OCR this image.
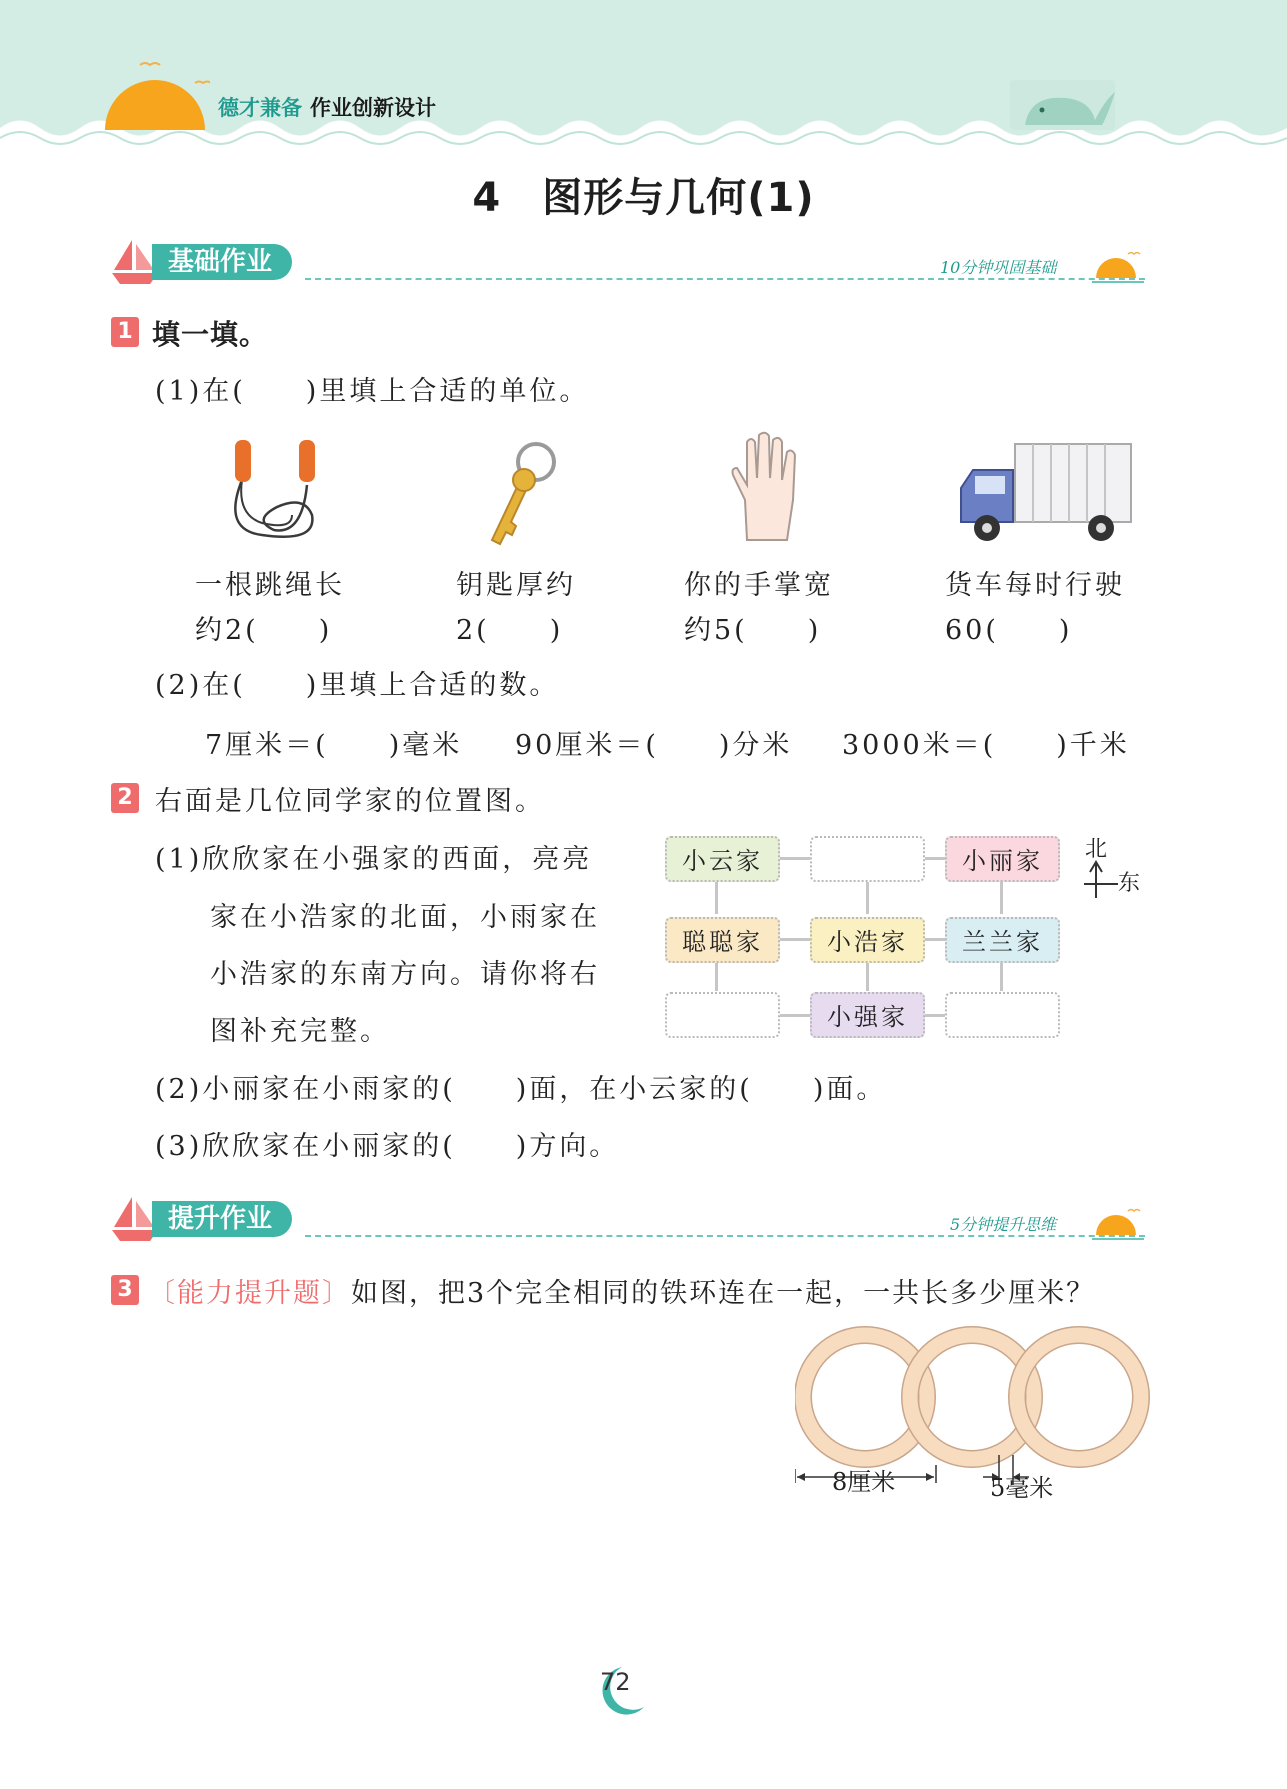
德才兼备 作业创新设计
4　图形与几何(1)
基础作业	10分钟巩固基础
1 填一填。
(1)在(　　)里填上合适的单位。
一根跳绳长
约2(　　)
钥匙厚约
2(　　)
你的手掌宽
约5(　　)
货车每时行驶
60(　　)
(2)在(　　)里填上合适的数。
7厘米＝(　　)毫米 90厘米＝(　　)分米 3000米＝(　　)千米
2 右面是几位同学家的位置图。
(1)欣欣家在小强家的西面，亮亮
家在小浩家的北面，小雨家在
小浩家的东南方向。请你将右
图补充完整。
小云家	小丽家
聪聪家	小浩家	兰兰家
小强家
北
东
(2)小丽家在小雨家的(　　)面，在小云家的(　　)面。
(3)欣欣家在小丽家的(　　)方向。
提升作业	5分钟提升思维
3 〔能力提升题〕如图，把3个完全相同的铁环连在一起，一共长多少厘米？
8厘米	5毫米
72
